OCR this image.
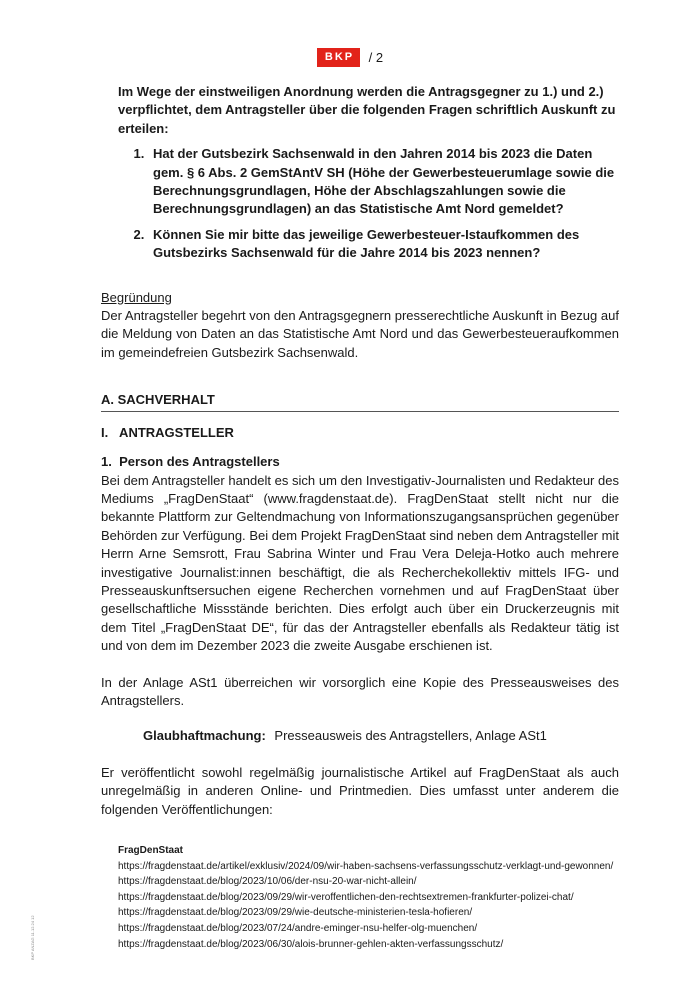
BKP / 2
Im Wege der einstweiligen Anordnung werden die Antragsgegner zu 1.) und 2.) verpflichtet, dem Antragsteller über die folgenden Fragen schriftlich Auskunft zu erteilen:
1. Hat der Gutsbezirk Sachsenwald in den Jahren 2014 bis 2023 die Daten gem. § 6 Abs. 2 GemStAntV SH (Höhe der Gewerbesteuerumlage sowie die Berechnungsgrundlagen, Höhe der Abschlagszahlungen sowie die Berechnungsgrundlagen) an das Statistische Amt Nord gemeldet?
2. Können Sie mir bitte das jeweilige Gewerbesteuer-Istaufkommen des Gutsbezirks Sachsenwald für die Jahre 2014 bis 2023 nennen?
Begründung
Der Antragsteller begehrt von den Antragsgegnern presserechtliche Auskunft in Bezug auf die Meldung von Daten an das Statistische Amt Nord und das Gewerbesteueraufkommen im gemeindefreien Gutsbezirk Sachsenwald.
A. SACHVERHALT
I.   ANTRAGSTELLER
1.  Person des Antragstellers
Bei dem Antragsteller handelt es sich um den Investigativ-Journalisten und Redakteur des Mediums „FragDenStaat“ (www.fragdenstaat.de). FragDenStaat stellt nicht nur die bekannte Plattform zur Geltendmachung von Informationszugangsansprüchen gegenüber Behörden zur Verfügung. Bei dem Projekt FragDenStaat sind neben dem Antragsteller mit Herrn Arne Semsrott, Frau Sabrina Winter und Frau Vera Deleja-Hotko auch mehrere investigative Journalist:innen beschäftigt, die als Recherchekollektiv mittels IFG- und Presseauskunftsersuchen eigene Recherchen vornehmen und auf FragDenStaat über gesellschaftliche Missstände berichten. Dies erfolgt auch über ein Druckerzeugnis mit dem Titel „FragDenStaat DE“, für das der Antragsteller ebenfalls als Redakteur tätig ist und von dem im Dezember 2023 die zweite Ausgabe erschienen ist.
In der Anlage ASt1 überreichen wir vorsorglich eine Kopie des Presseausweises des Antragstellers.
Glaubhaftmachung: Presseausweis des Antragstellers, Anlage ASt1
Er veröffentlicht sowohl regelmäßig journalistische Artikel auf FragDenStaat als auch unregelmäßig in anderen Online- und Printmedien. Dies umfasst unter anderem die folgenden Veröffentlichungen:
FragDenStaat
https://fragdenstaat.de/artikel/exklusiv/2024/09/wir-haben-sachsens-verfassungsschutz-verklagt-und-gewonnen/
https://fragdenstaat.de/blog/2023/10/06/der-nsu-20-war-nicht-allein/
https://fragdenstaat.de/blog/2023/09/29/wir-veroffentlichen-den-rechtsextremen-frankfurter-polizei-chat/
https://fragdenstaat.de/blog/2023/09/29/wie-deutsche-ministerien-tesla-hofieren/
https://fragdenstaat.de/blog/2023/07/24/andre-eminger-nsu-helfer-olg-muenchen/
https://fragdenstaat.de/blog/2023/06/30/alois-brunner-gehlen-akten-verfassungsschutz/
BKP ANZAG 11.12.24 12
